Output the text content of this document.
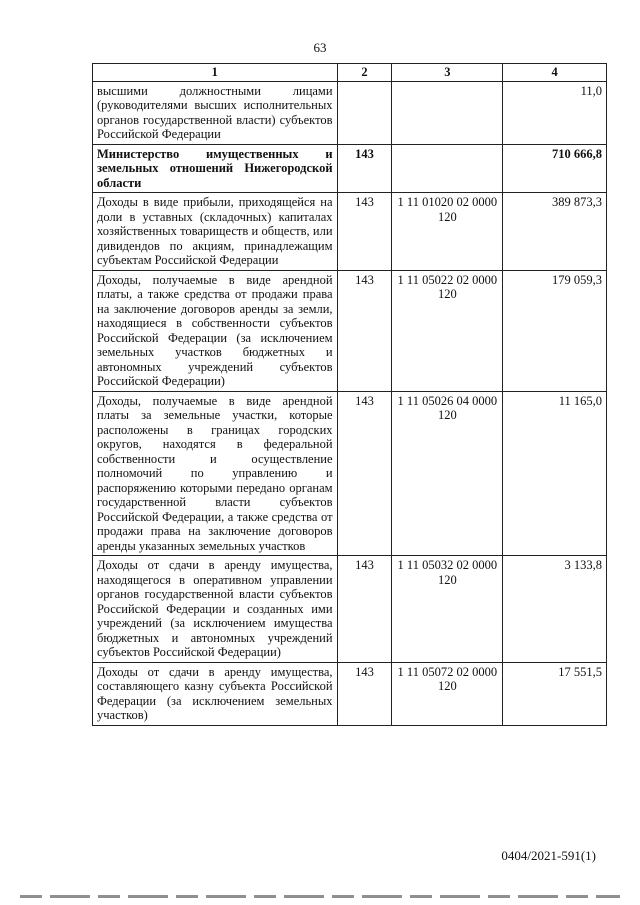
63
1	2	3	4
высшими должностными лицами (руководителями высших исполнительных органов государственной власти) субъектов Российской Федерации			11,0
Министерство имущественных и земельных отношений Нижегородской области	143		710 666,8
Доходы в виде прибыли, приходящейся на доли в уставных (складочных) капиталах хозяйственных товариществ и обществ, или дивидендов по акциям, принадлежащим субъектам Российской Федерации	143	1 11 01020 02 0000 120	389 873,3
Доходы, получаемые в виде арендной платы, а также средства от продажи права на заключение договоров аренды за земли, находящиеся в собственности субъектов Российской Федерации (за исключением земельных участков бюджетных и автономных учреждений субъектов Российской Федерации)	143	1 11 05022 02 0000 120	179 059,3
Доходы, получаемые в виде арендной платы за земельные участки, которые расположены в границах городских округов, находятся в федеральной собственности и осуществление полномочий по управлению и распоряжению которыми передано органам государственной власти субъектов Российской Федерации, а также средства от продажи права на заключение договоров аренды указанных земельных участков	143	1 11 05026 04 0000 120	11 165,0
Доходы от сдачи в аренду имущества, находящегося в оперативном управлении органов государственной власти субъектов Российской Федерации и созданных ими учреждений (за исключением имущества бюджетных и автономных учреждений субъектов Российской Федерации)	143	1 11 05032 02 0000 120	3 133,8
Доходы от сдачи в аренду имущества, составляющего казну субъекта Российской Федерации (за исключением земельных участков)	143	1 11 05072 02 0000 120	17 551,5
0404/2021-591(1)
